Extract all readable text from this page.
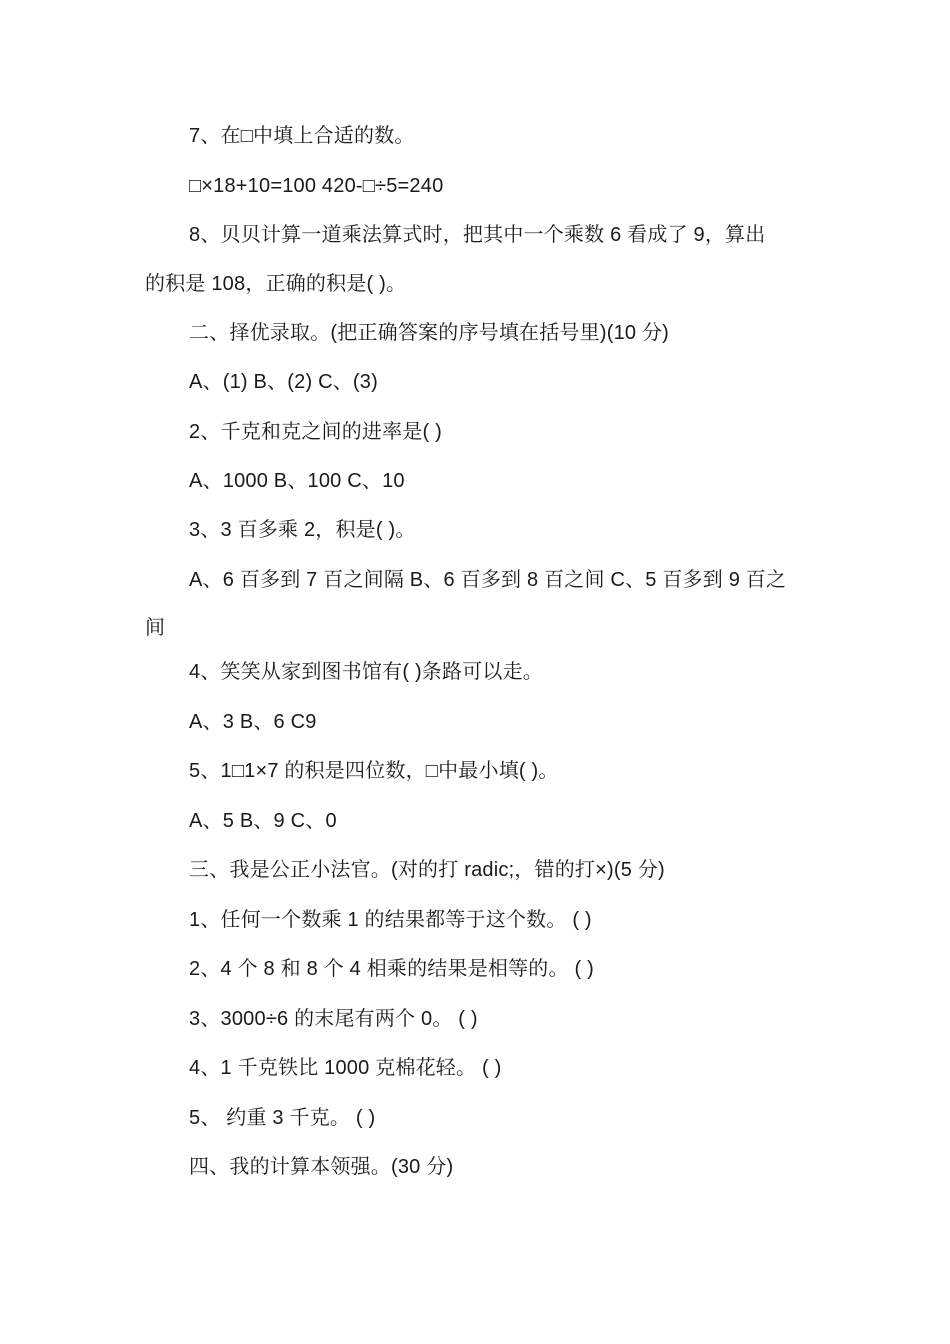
7、在□中填上合适的数。
□×18+10=100 420-□÷5=240
8、贝贝计算一道乘法算式时，把其中一个乘数 6 看成了 9，算出
的积是 108，正确的积是( )。
二、择优录取。(把正确答案的序号填在括号里)(10 分)
A、(1) B、(2) C、(3)
2、千克和克之间的进率是( )
A、1000 B、100 C、10
3、3 百多乘 2，积是( )。
A、6 百多到 7 百之间隔 B、6 百多到 8 百之间 C、5 百多到 9 百之
间
4、笑笑从家到图书馆有( )条路可以走。
A、3 B、6 C9
5、1□1×7 的积是四位数，□中最小填( )。
A、5 B、9 C、0
三、我是公正小法官。(对的打 radic;，错的打×)(5 分)
1、任何一个数乘 1 的结果都等于这个数。 ( )
2、4 个 8 和 8 个 4 相乘的结果是相等的。 ( )
3、3000÷6 的末尾有两个 0。 ( )
4、1 千克铁比 1000 克棉花轻。 ( )
5、 约重 3 千克。 ( )
四、我的计算本领强。(30 分)
